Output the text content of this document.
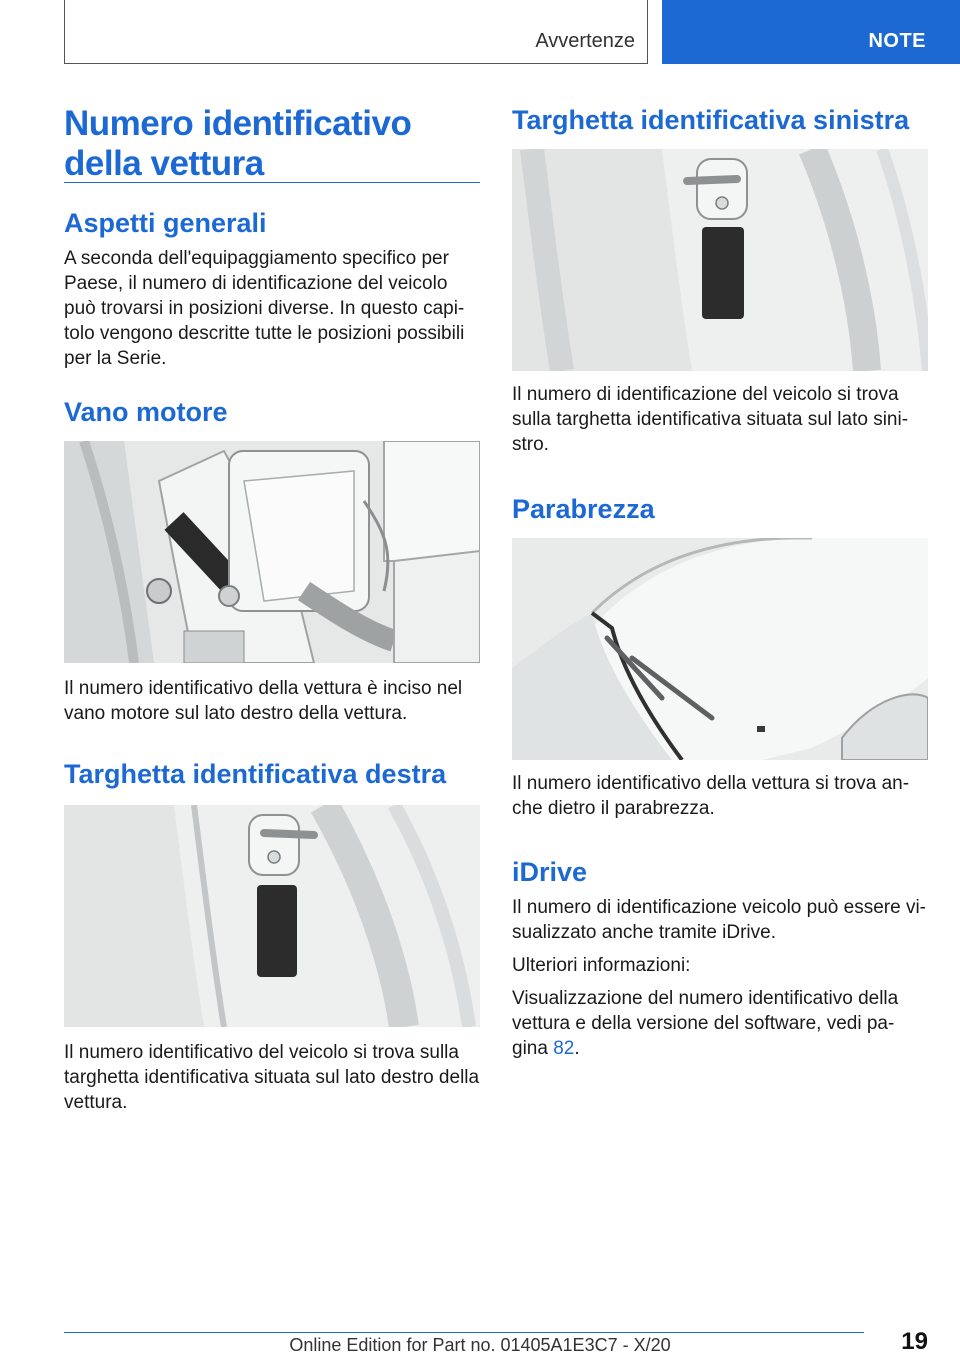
Avvertenze	NOTE
Numero identificativo della vettura
Aspetti generali
A seconda dell'equipaggiamento specifico per Paese, il numero di identificazione del veicolo può trovarsi in posizioni diverse. In questo capi-tolo vengono descritte tutte le posizioni possibili per la Serie.
Vano motore
Il numero identificativo della vettura è inciso nel vano motore sul lato destro della vettura.
Targhetta identificativa destra
Il numero identificativo del veicolo si trova sulla targhetta identificativa situata sul lato destro della vettura.
Targhetta identificativa sinistra
Il numero di identificazione del veicolo si trova sulla targhetta identificativa situata sul lato sini-stro.
Parabrezza
Il numero identificativo della vettura si trova an-che dietro il parabrezza.
iDrive
Il numero di identificazione veicolo può essere vi-sualizzato anche tramite iDrive.
Ulteriori informazioni:
Visualizzazione del numero identificativo della vettura e della versione del software, vedi pa-gina 82.
19
Online Edition for Part no. 01405A1E3C7 - X/20
